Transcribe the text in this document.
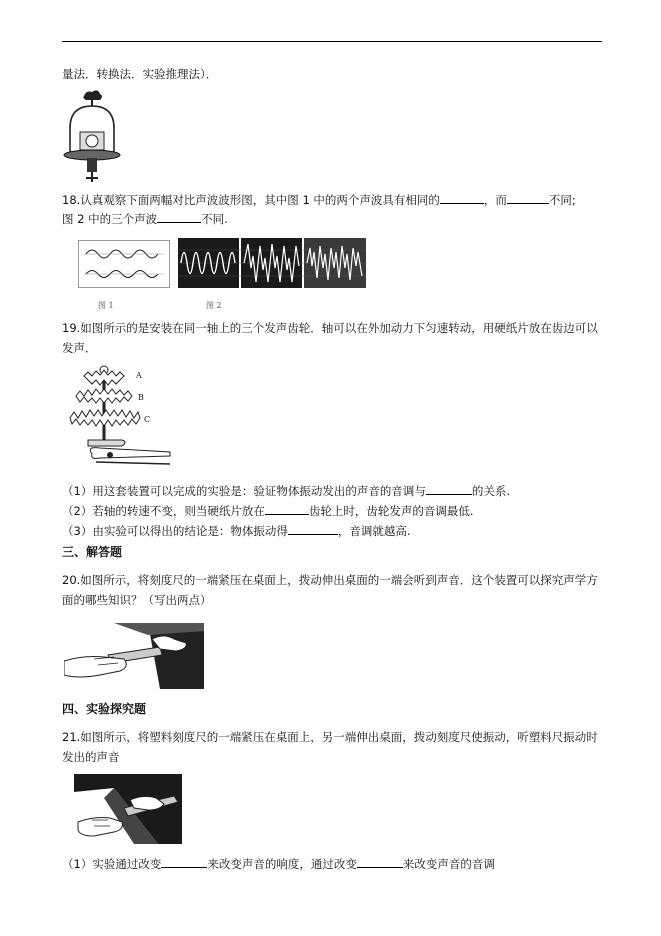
量法．转换法．实验推理法）．
18.认真观察下面两幅对比声波波形图，其中图 1 中的两个声波具有相同的	，而	不同;
图 2 中的三个声波	不同.
图 1	图 2
19.如图所示的是安装在同一轴上的三个发声齿轮．轴可以在外加动力下匀速转动，用硬纸片放在齿边可以
发声．
A
B
C
（1）用这套装置可以完成的实验是：验证物体振动发出的声音的音调与	的关系.
（2）若轴的转速不变，则当硬纸片放在	齿轮上时，齿轮发声的音调最低.
（3）由实验可以得出的结论是：物体振动得	，音调就越高.
三、解答题
20.如图所示，将刻度尺的一端紧压在桌面上，拨动伸出桌面的一端会听到声音．这个装置可以探究声学方
面的哪些知识？（写出两点）
四、实验探究题
21.如图所示，将塑料刻度尺的一端紧压在桌面上，另一端伸出桌面，拨动刻度尺使振动，听塑料尺振动时
发出的声音
（1）实验通过改变	来改变声音的响度，通过改变	来改变声音的音调
